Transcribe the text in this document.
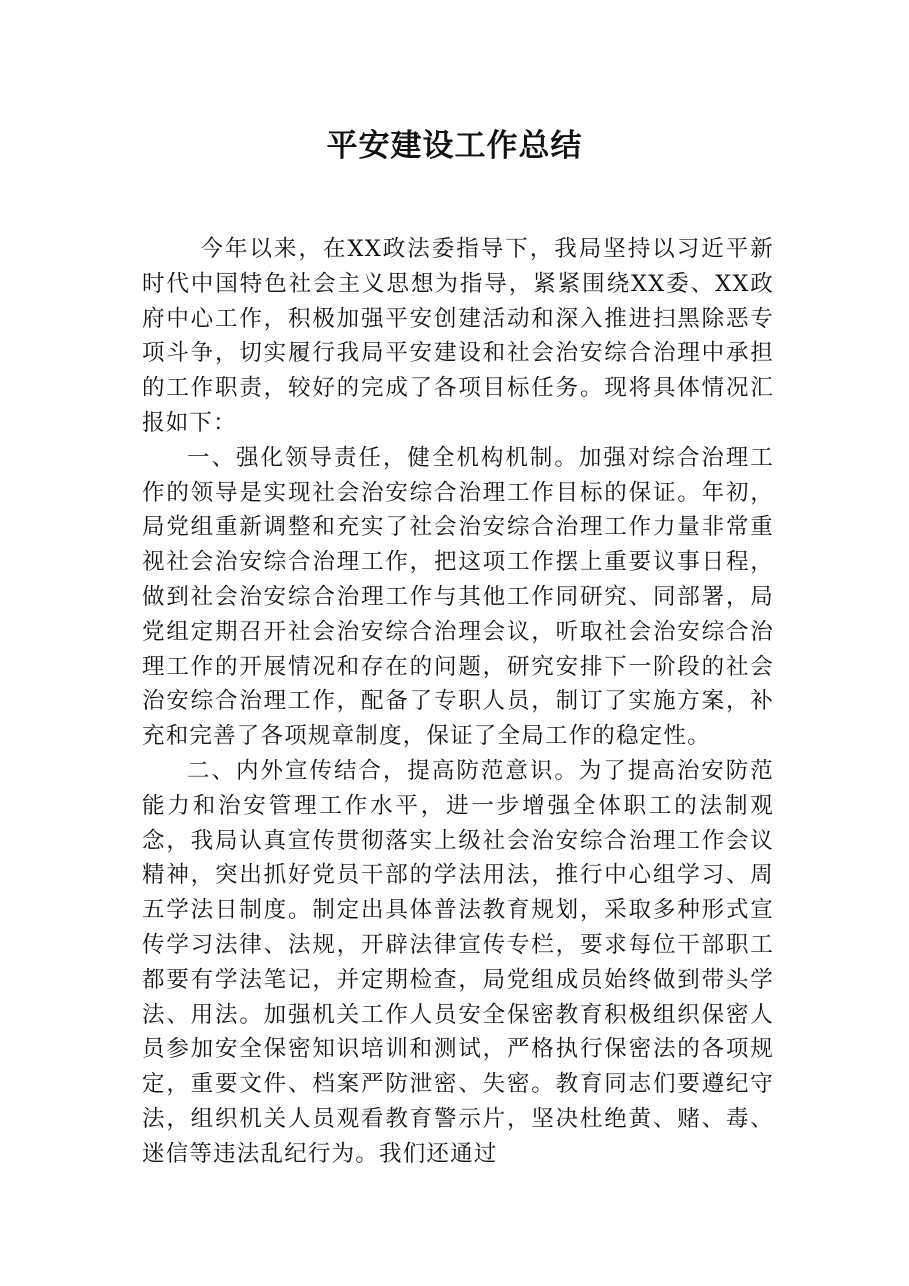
平安建设工作总结

今年以来，在XX政法委指导下，我局坚持以习近平新时代中国特色社会主义思想为指导，紧紧围绕XX委、XX政府中心工作，积极加强平安创建活动和深入推进扫黑除恶专项斗争，切实履行我局平安建设和社会治安综合治理中承担的工作职责，较好的完成了各项目标任务。现将具体情况汇报如下：

一、强化领导责任，健全机构机制。加强对综合治理工作的领导是实现社会治安综合治理工作目标的保证。年初，局党组重新调整和充实了社会治安综合治理工作力量非常重视社会治安综合治理工作，把这项工作摆上重要议事日程，做到社会治安综合治理工作与其他工作同研究、同部署，局党组定期召开社会治安综合治理会议，听取社会治安综合治理工作的开展情况和存在的问题，研究安排下一阶段的社会治安综合治理工作，配备了专职人员，制订了实施方案，补充和完善了各项规章制度，保证了全局工作的稳定性。

二、内外宣传结合，提高防范意识。为了提高治安防范能力和治安管理工作水平，进一步增强全体职工的法制观念，我局认真宣传贯彻落实上级社会治安综合治理工作会议精神，突出抓好党员干部的学法用法，推行中心组学习、周五学法日制度。制定出具体普法教育规划，采取多种形式宣传学习法律、法规，开辟法律宣传专栏，要求每位干部职工都要有学法笔记，并定期检查，局党组成员始终做到带头学法、用法。加强机关工作人员安全保密教育积极组织保密人员参加安全保密知识培训和测试，严格执行保密法的各项规定，重要文件、档案严防泄密、失密。教育同志们要遵纪守法，组织机关人员观看教育警示片，坚决杜绝黄、赌、毒、迷信等违法乱纪行为。我们还通过
